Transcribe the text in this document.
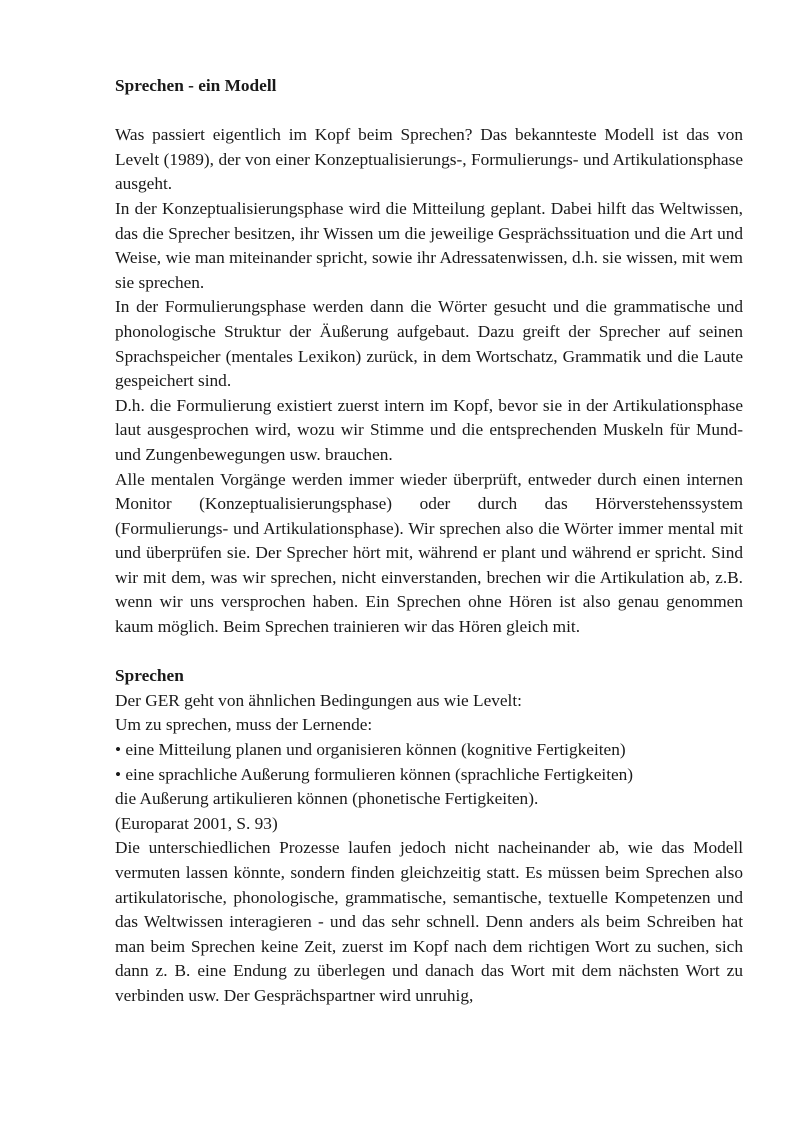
Sprechen - ein Modell

Was passiert eigentlich im Kopf beim Sprechen? Das bekannteste Modell ist das von Levelt (1989), der von einer Konzeptualisierungs-, Formulierungs- und Artikulationsphase ausgeht.

In der Konzeptualisierungsphase wird die Mitteilung geplant. Dabei hilft das Weltwissen, das die Sprecher besitzen, ihr Wissen um die jeweilige Gesprächssituation und die Art und Weise, wie man miteinander spricht, sowie ihr Adressatenwissen, d.h. sie wissen, mit wem sie sprechen.

In der Formulierungsphase werden dann die Wörter gesucht und die grammatische und phonologische Struktur der Äußerung aufgebaut. Dazu greift der Sprecher auf seinen Sprachspeicher (mentales Lexikon) zurück, in dem Wortschatz, Grammatik und die Laute gespeichert sind.

D.h. die Formulierung existiert zuerst intern im Kopf, bevor sie in der Artikulationsphase laut ausgesprochen wird, wozu wir Stimme und die entsprechenden Muskeln für Mund- und Zungenbewegungen usw. brauchen.

Alle mentalen Vorgänge werden immer wieder überprüft, entweder durch einen internen Monitor (Konzeptualisierungsphase) oder durch das Hörverstehenssystem (Formulierungs- und Artikulationsphase). Wir sprechen also die Wörter immer mental mit und überprüfen sie. Der Sprecher hört mit, während er plant und während er spricht. Sind wir mit dem, was wir sprechen, nicht einverstanden, brechen wir die Artikulation ab, z.B. wenn wir uns versprochen haben. Ein Sprechen ohne Hören ist also genau genommen kaum möglich. Beim Sprechen trainieren wir das Hören gleich mit.

Sprechen

Der GER geht von ähnlichen Bedingungen aus wie Levelt:

Um zu sprechen, muss der Lernende:

• eine Mitteilung planen und organisieren können (kognitive Fertigkeiten)

• eine sprachliche Außerung formulieren können (sprachliche Fertigkeiten)

die Außerung artikulieren können (phonetische Fertigkeiten).

(Europarat 2001, S. 93)

Die unterschiedlichen Prozesse laufen jedoch nicht nacheinander ab, wie das Modell vermuten lassen könnte, sondern finden gleichzeitig statt. Es müssen beim Sprechen also artikulatorische, phonologische, grammatische, semantische, textuelle Kompetenzen und das Weltwissen interagieren - und das sehr schnell. Denn anders als beim Schreiben hat man beim Sprechen keine Zeit, zuerst im Kopf nach dem richtigen Wort zu suchen, sich dann z. B. eine Endung zu überlegen und danach das Wort mit dem nächsten Wort zu verbinden usw. Der Gesprächspartner wird unruhig,
